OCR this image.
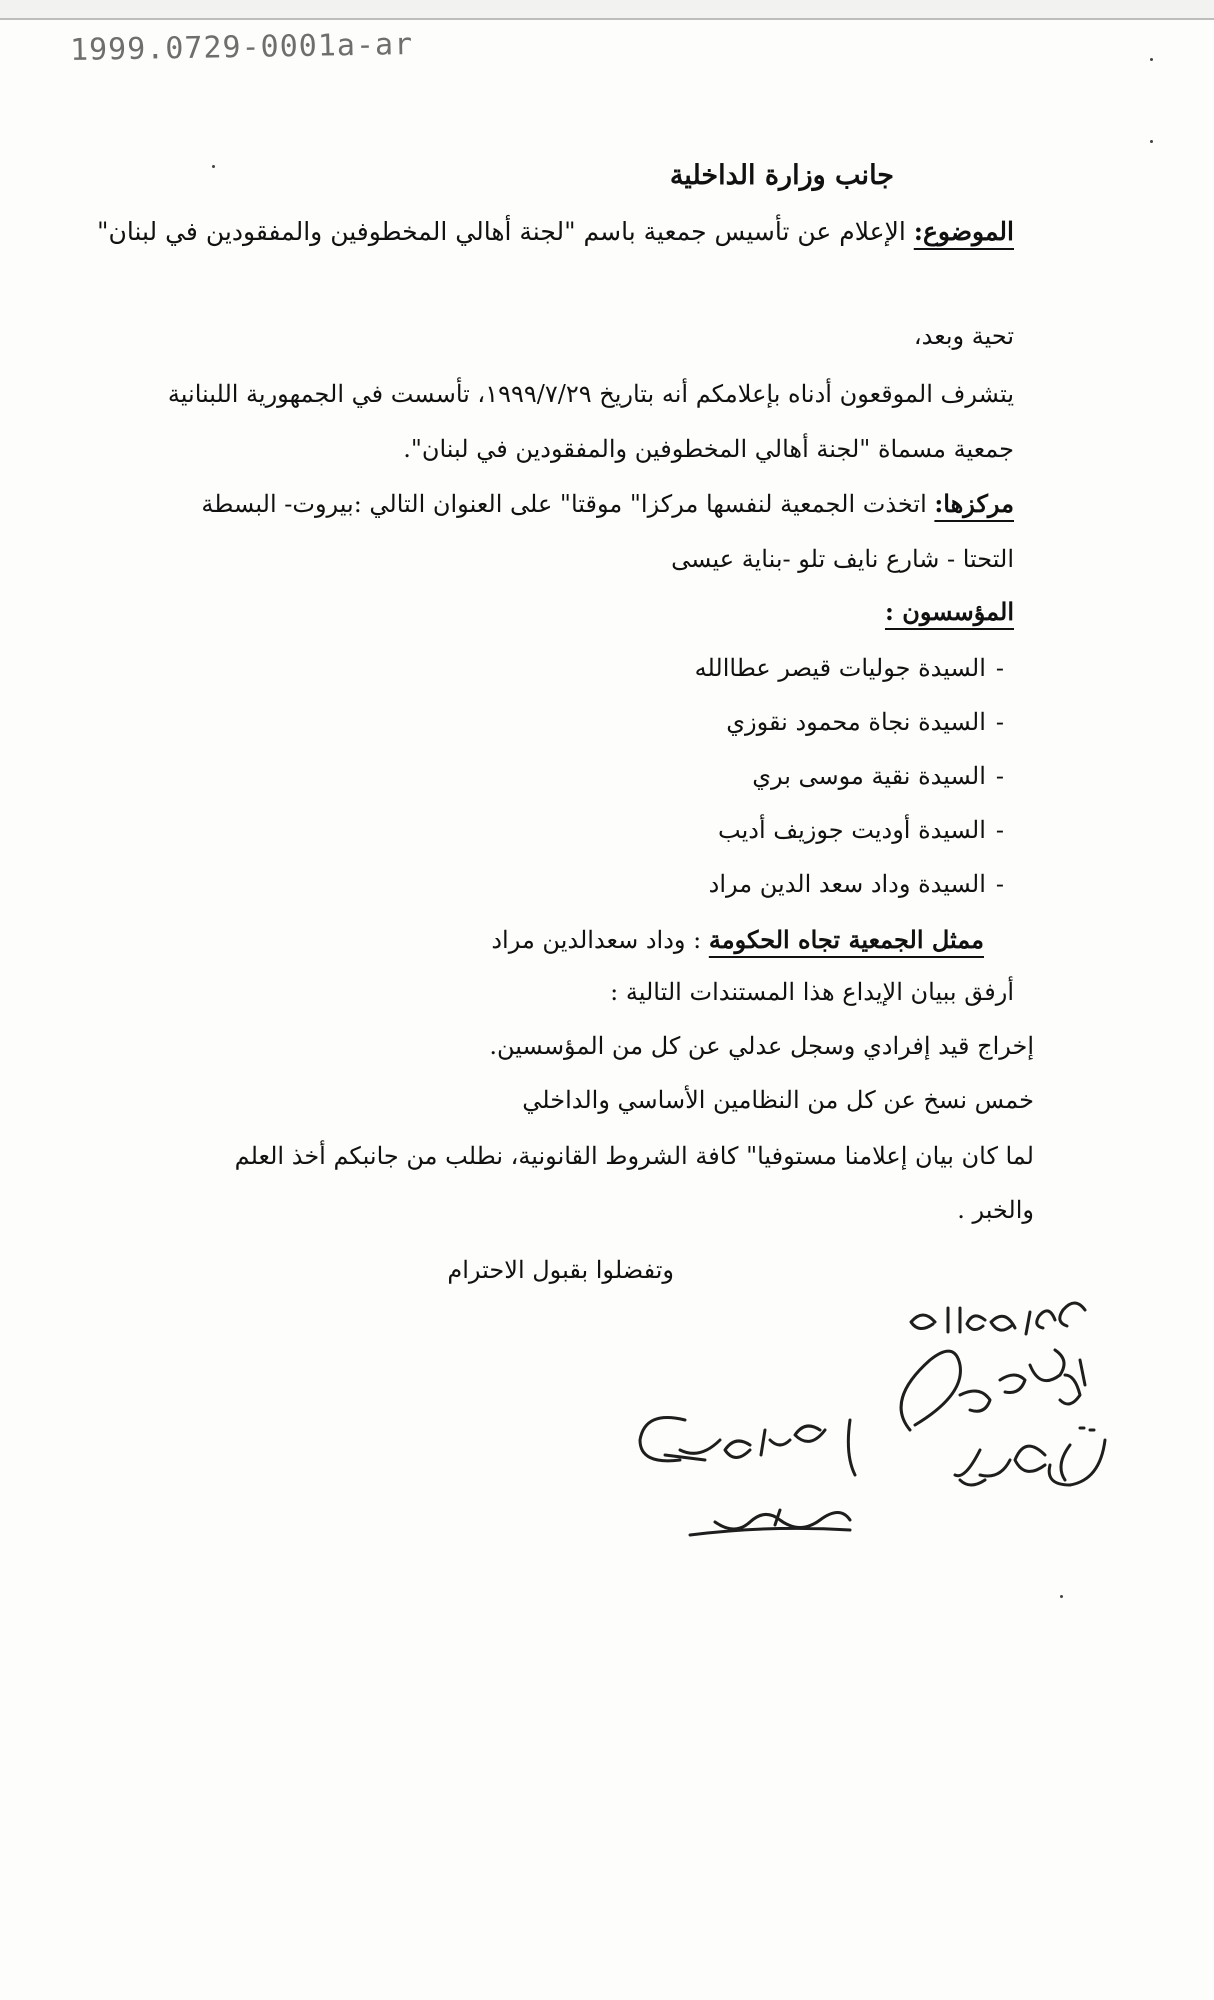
1999.0729-0001a-ar
جانب وزارة الداخلية
الموضوع: الإعلام عن تأسيس جمعية باسم "لجنة أهالي المخطوفين والمفقودين في لبنان"
تحية وبعد،
يتشرف الموقعون أدناه بإعلامكم أنه بتاريخ ١٩٩٩/٧/٢٩، تأسست في الجمهورية اللبنانية
جمعية مسماة "لجنة أهالي المخطوفين والمفقودين في لبنان".
مركزها: اتخذت الجمعية لنفسها مركزا" موقتا" على العنوان التالي :بيروت- البسطة
التحتا - شارع نايف تلو -بناية عيسى
المؤسسون :
-السيدة جوليات قيصر عطاالله
-السيدة نجاة محمود نقوزي
-السيدة نقية موسى بري
-السيدة أوديت جوزيف أديب
-السيدة وداد سعد الدين مراد
ممثل الجمعية تجاه الحكومة : وداد سعدالدين مراد
أرفق ببيان الإيداع هذا المستندات التالية :
إخراج قيد إفرادي وسجل عدلي عن كل من المؤسسين.
خمس نسخ عن كل من النظامين الأساسي والداخلي
لما كان بيان إعلامنا مستوفيا" كافة الشروط القانونية، نطلب من جانبكم أخذ العلم
والخبر .
وتفضلوا بقبول الاحترام
